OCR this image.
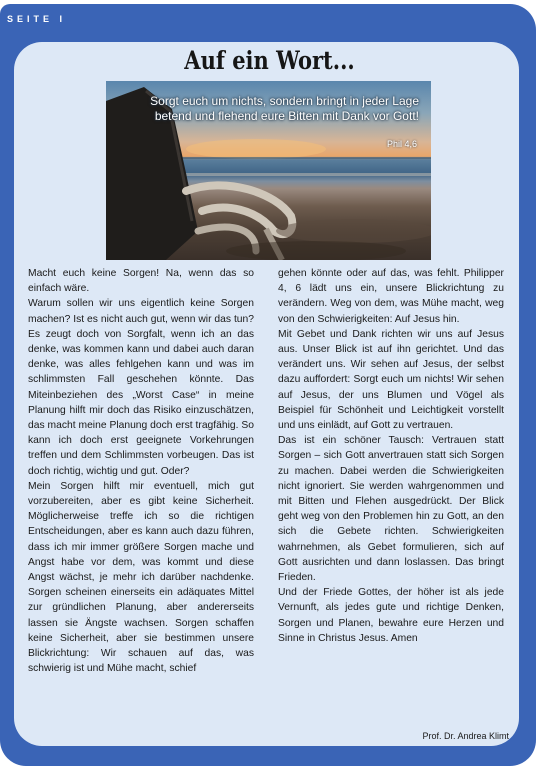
SEITE I
Auf ein Wort...
Sorgt euch um nichts, sondern bringt in jeder Lage betend und flehend eure Bitten mit Dank vor Gott!
Phil 4,6

Macht euch keine Sorgen! Na, wenn das so einfach wäre.

Warum sollen wir uns eigentlich keine Sorgen machen? Ist es nicht auch gut, wenn wir das tun? Es zeugt doch von Sorgfalt, wenn ich an das denke, was kommen kann und dabei auch daran denke, was alles fehlgehen kann und was im schlimmsten Fall geschehen könnte. Das Miteinbeziehen des „Worst Case“ in meine Planung hilft mir doch das Risiko einzuschätzen, das macht meine Planung doch erst tragfähig. So kann ich doch erst geeignete Vorkehrungen treffen und dem Schlimmsten vorbeugen. Das ist doch richtig, wichtig und gut. Oder?

Mein Sorgen hilft mir eventuell, mich gut vorzubereiten, aber es gibt keine Sicherheit. Möglicherweise treffe ich so die richtigen Entscheidungen, aber es kann auch dazu führen, dass ich mir immer größere Sorgen mache und Angst habe vor dem, was kommt und diese Angst wächst, je mehr ich darüber nachdenke. Sorgen scheinen einerseits ein adäquates Mittel zur gründlichen Planung, aber andererseits lassen sie Ängste wachsen. Sorgen schaffen keine Sicherheit, aber sie bestimmen unsere Blickrichtung: Wir schauen auf das, was schwierig ist und Mühe macht, schief

gehen könnte oder auf das, was fehlt. Philipper 4, 6 lädt uns ein, unsere Blickrichtung zu verändern. Weg von dem, was Mühe macht, weg von den Schwierigkeiten: Auf Jesus hin.

Mit Gebet und Dank richten wir uns auf Jesus aus. Unser Blick ist auf ihn gerichtet. Und das verändert uns. Wir sehen auf Jesus, der selbst dazu auffordert: Sorgt euch um nichts! Wir sehen auf Jesus, der uns Blumen und Vögel als Beispiel für Schönheit und Leichtigkeit vorstellt und uns einlädt, auf Gott zu vertrauen.

Das ist ein schöner Tausch: Vertrauen statt Sorgen – sich Gott anvertrauen statt sich Sorgen zu machen. Dabei werden die Schwierigkeiten nicht ignoriert. Sie werden wahrgenommen und mit Bitten und Flehen ausgedrückt. Der Blick geht weg von den Problemen hin zu Gott, an den sich die Gebete richten. Schwierigkeiten wahrnehmen, als Gebet formulieren, sich auf Gott ausrichten und dann loslassen. Das bringt Frieden.

Und der Friede Gottes, der höher ist als jede Vernunft, als jedes gute und richtige Denken, Sorgen und Planen, bewahre eure Herzen und Sinne in Christus Jesus. Amen

Prof. Dr. Andrea Klimt
